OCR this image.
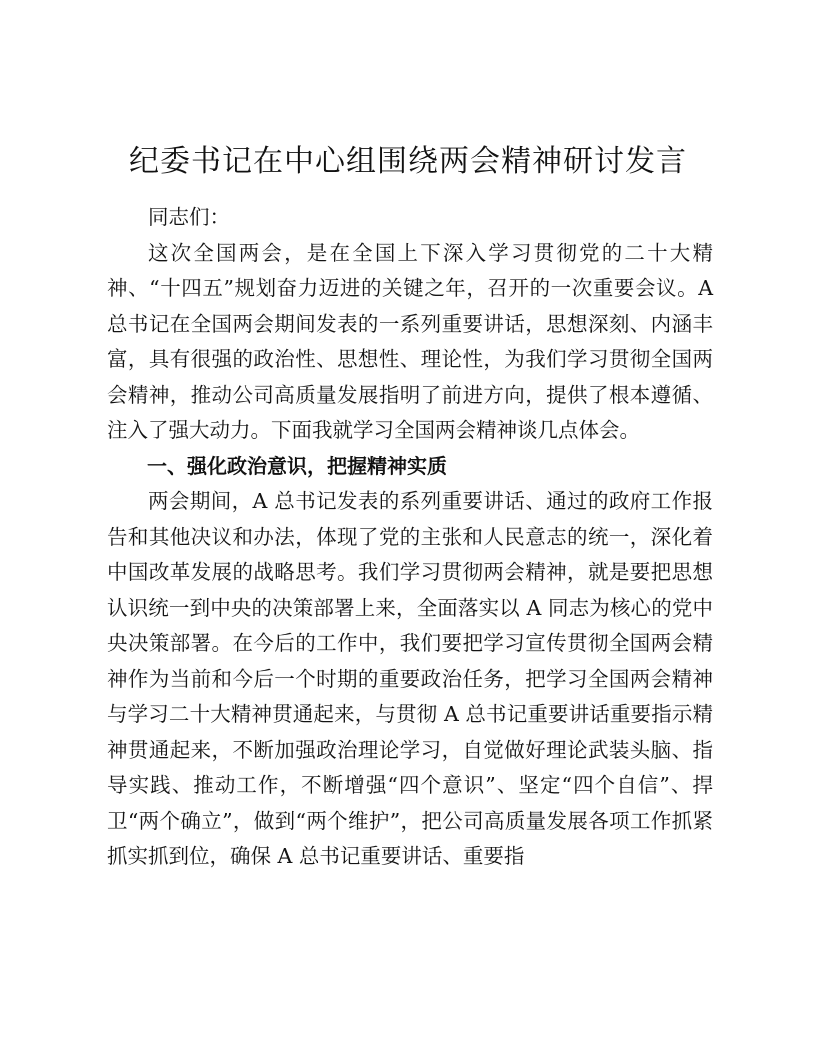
纪委书记在中心组围绕两会精神研讨发言

同志们：

这次全国两会，是在全国上下深入学习贯彻党的二十大精神、“十四五”规划奋力迈进的关键之年，召开的一次重要会议。A 总书记在全国两会期间发表的一系列重要讲话，思想深刻、内涵丰富，具有很强的政治性、思想性、理论性，为我们学习贯彻全国两会精神，推动公司高质量发展指明了前进方向，提供了根本遵循、注入了强大动力。下面我就学习全国两会精神谈几点体会。

一、强化政治意识，把握精神实质

两会期间，A 总书记发表的系列重要讲话、通过的政府工作报告和其他决议和办法，体现了党的主张和人民意志的统一，深化着中国改革发展的战略思考。我们学习贯彻两会精神，就是要把思想认识统一到中央的决策部署上来，全面落实以 A 同志为核心的党中央决策部署。在今后的工作中，我们要把学习宣传贯彻全国两会精神作为当前和今后一个时期的重要政治任务，把学习全国两会精神与学习二十大精神贯通起来，与贯彻 A 总书记重要讲话重要指示精神贯通起来，不断加强政治理论学习，自觉做好理论武装头脑、指导实践、推动工作，不断增强“四个意识”、坚定“四个自信”、捍卫“两个确立”，做到“两个维护”，把公司高质量发展各项工作抓紧抓实抓到位，确保 A 总书记重要讲话、重要指
